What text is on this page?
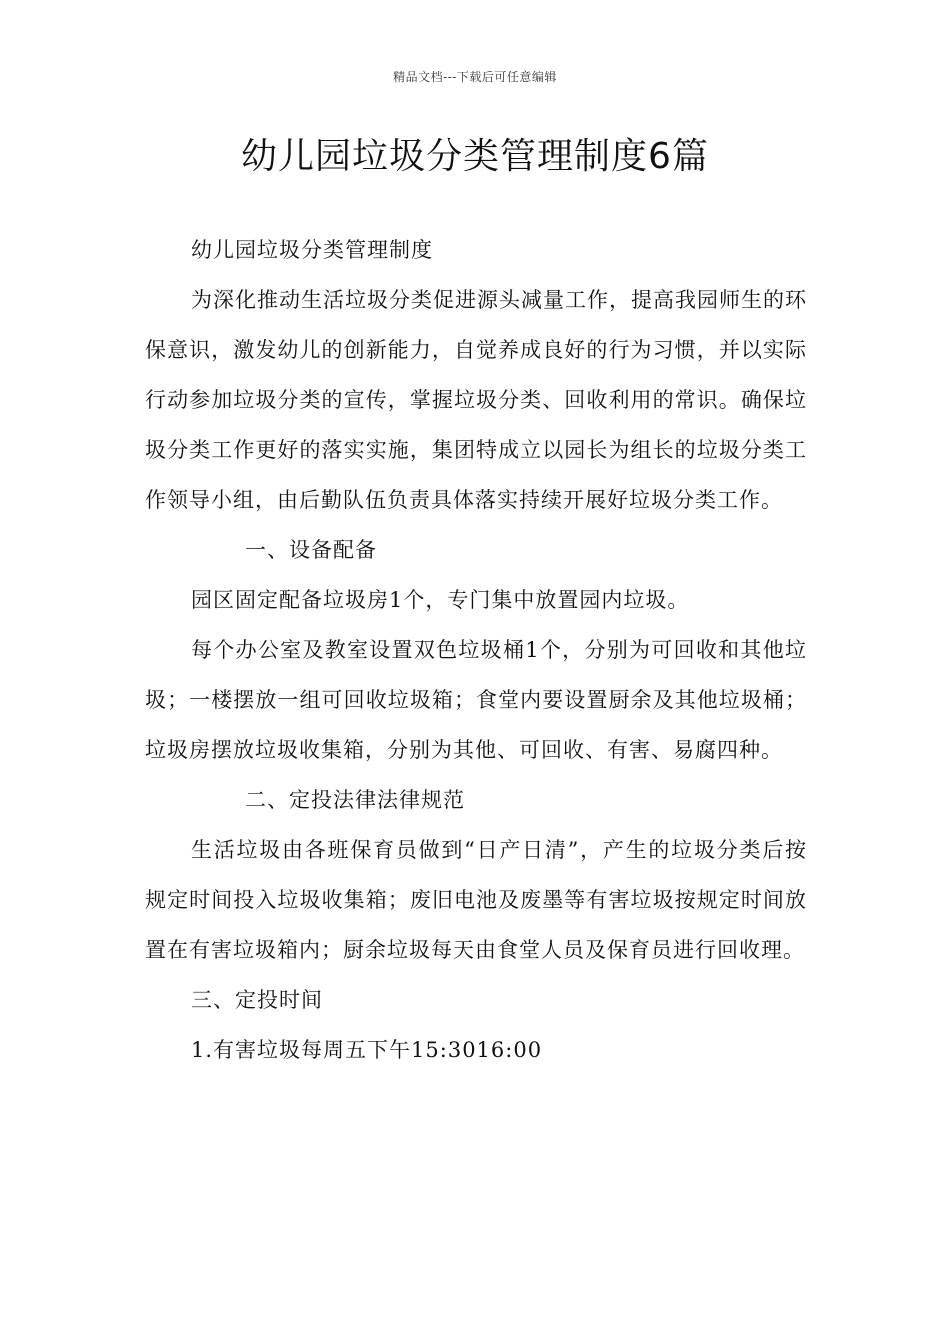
精品文档---下载后可任意编辑
幼儿园垃圾分类管理制度6篇

幼儿园垃圾分类管理制度

为深化推动生活垃圾分类促进源头减量工作，提高我园师生的环保意识，激发幼儿的创新能力，自觉养成良好的行为习惯，并以实际行动参加垃圾分类的宣传，掌握垃圾分类、回收利用的常识。确保垃圾分类工作更好的落实实施，集团特成立以园长为组长的垃圾分类工作领导小组，由后勤队伍负责具体落实持续开展好垃圾分类工作。

一、设备配备

园区固定配备垃圾房1个，专门集中放置园内垃圾。

每个办公室及教室设置双色垃圾桶1个，分别为可回收和其他垃圾；一楼摆放一组可回收垃圾箱；食堂内要设置厨余及其他垃圾桶；垃圾房摆放垃圾收集箱，分别为其他、可回收、有害、易腐四种。

二、定投法律法律规范

生活垃圾由各班保育员做到“日产日清”，产生的垃圾分类后按规定时间投入垃圾收集箱；废旧电池及废墨等有害垃圾按规定时间放置在有害垃圾箱内；厨余垃圾每天由食堂人员及保育员进行回收理。

三、定投时间

1.有害垃圾每周五下午15:3016:00
